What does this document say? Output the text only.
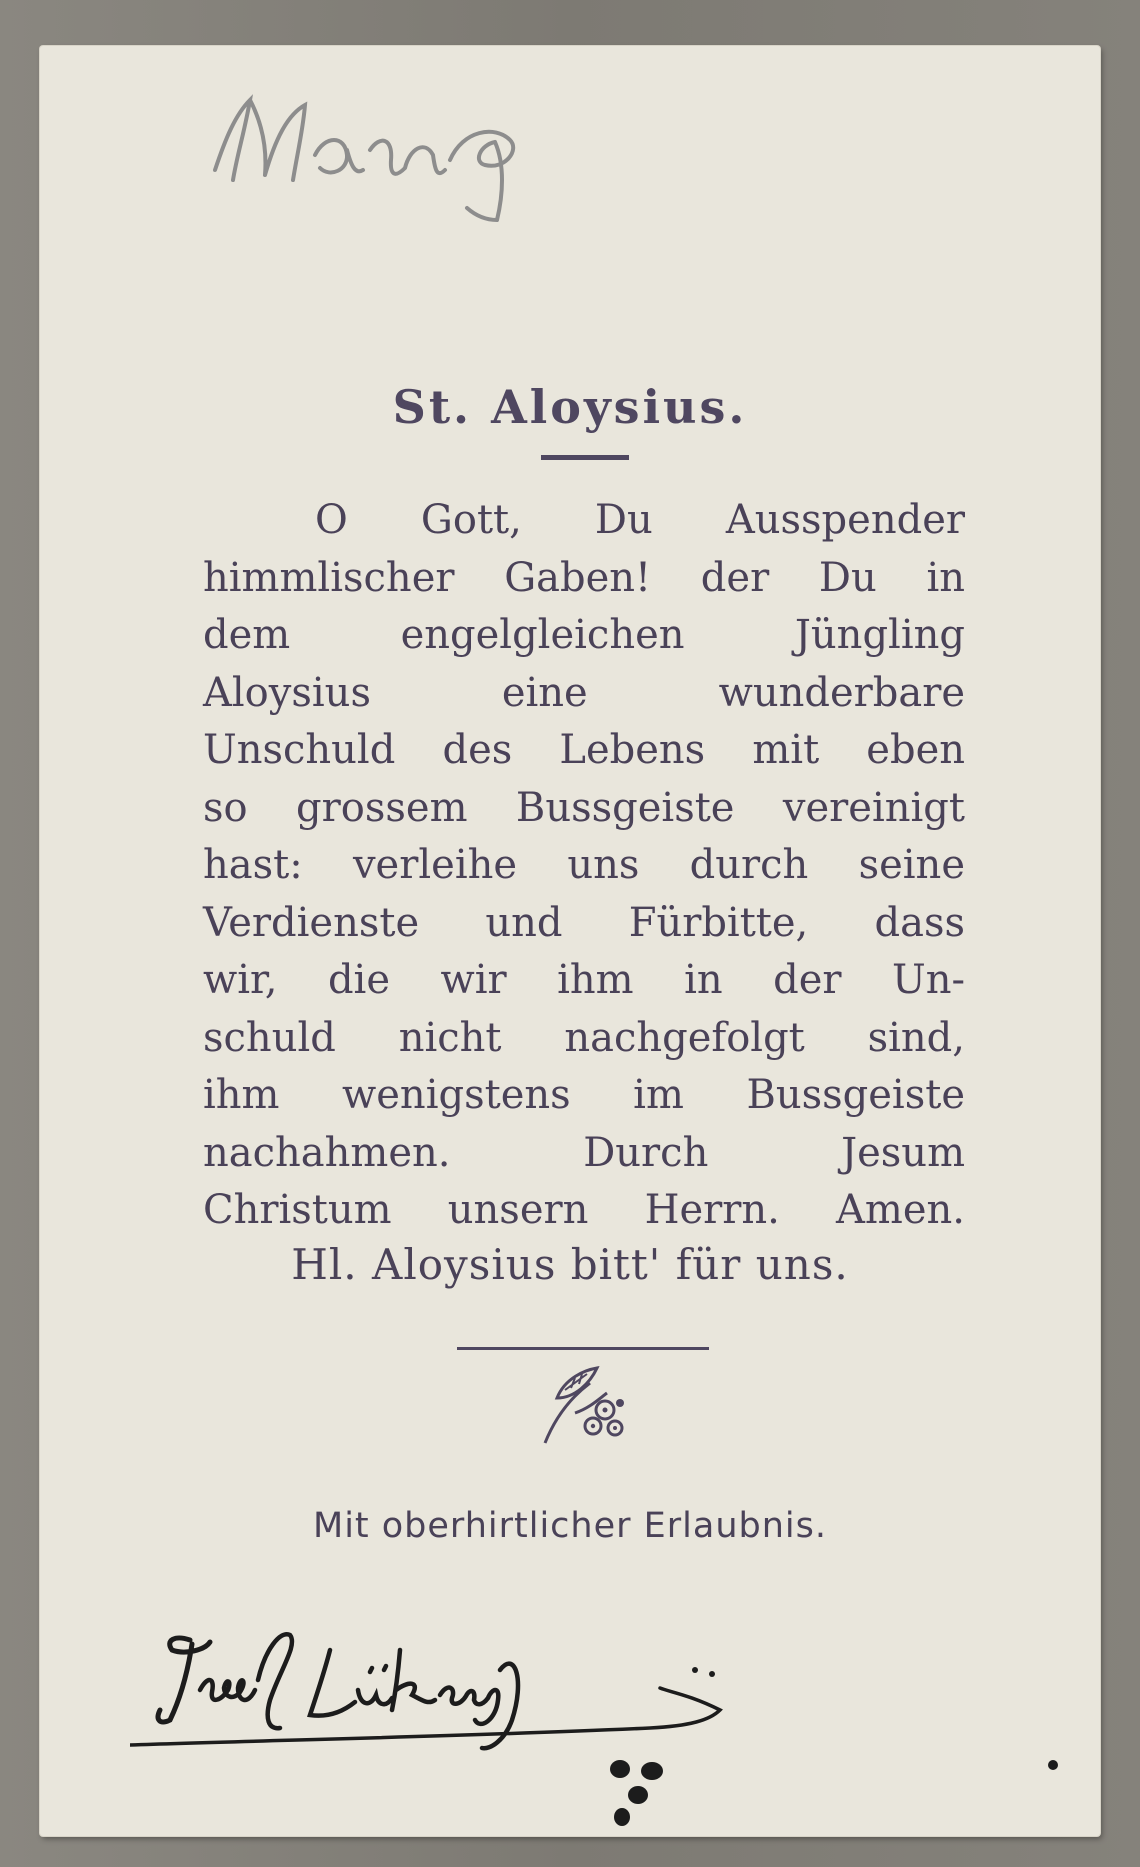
St. Aloysius.
O Gott, Du Ausspender
himmlischer Gaben! der Du in
dem engelgleichen Jüngling
Aloysius eine wunderbare
Unschuld des Lebens mit eben
so grossem Bussgeiste vereinigt
hast: verleihe uns durch seine
Verdienste und Fürbitte, dass
wir, die wir ihm in der Un-
schuld nicht nachgefolgt sind,
ihm wenigstens im Bussgeiste
nachahmen. Durch Jesum
Christum unsern Herrn. Amen.
Hl. Aloysius bitt' für uns.
Mit oberhirtlicher Erlaubnis.
